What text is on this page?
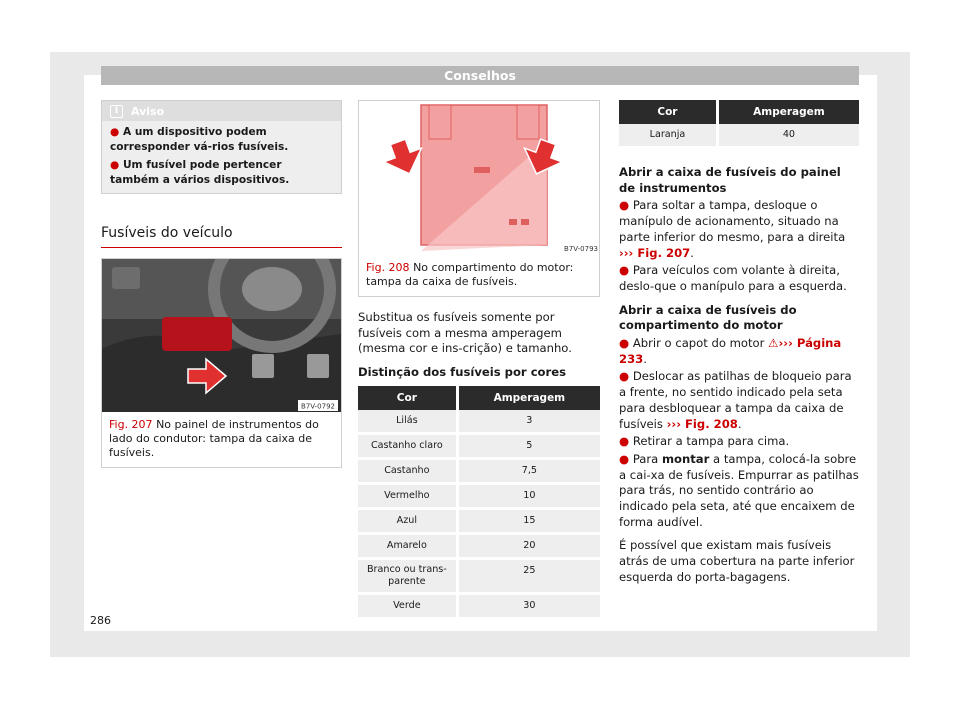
Conselhos
i	Aviso
● A um dispositivo podem corresponder vá-rios fusíveis.
● Um fusível pode pertencer também a vários dispositivos.
Fusíveis do veículo
B7V-0792
Fig. 207 No painel de instrumentos do lado do condutor: tampa da caixa de fusíveis.
B7V-0793
Fig. 208 No compartimento do motor: tampa da caixa de fusíveis.

Substitua os fusíveis somente por fusíveis com a mesma amperagem (mesma cor e ins-crição) e tamanho.

Distinção dos fusíveis por cores

Cor	Amperagem
Lilás	3
Castanho claro	5
Castanho	7,5
Vermelho	10
Azul	15
Amarelo	20
Branco ou trans-parente	25
Verde	30
Cor	Amperagem
Laranja	40

Abrir a caixa de fusíveis do painel de instrumentos

● Para soltar a tampa, desloque o manípulo de acionamento, situado na parte inferior do mesmo, para a direita ››› Fig. 207.

● Para veículos com volante à direita, deslo-que o manípulo para a esquerda.

Abrir a caixa de fusíveis do compartimento do motor

● Abrir o capot do motor ⚠››› Página 233.

● Deslocar as patilhas de bloqueio para a frente, no sentido indicado pela seta para desbloquear a tampa da caixa de fusíveis ››› Fig. 208.

● Retirar a tampa para cima.

● Para montar a tampa, colocá-la sobre a cai-xa de fusíveis. Empurrar as patilhas para trás, no sentido contrário ao indicado pela seta, até que encaixem de forma audível.

É possível que existam mais fusíveis atrás de uma cobertura na parte inferior esquerda do porta-bagagens.

286
